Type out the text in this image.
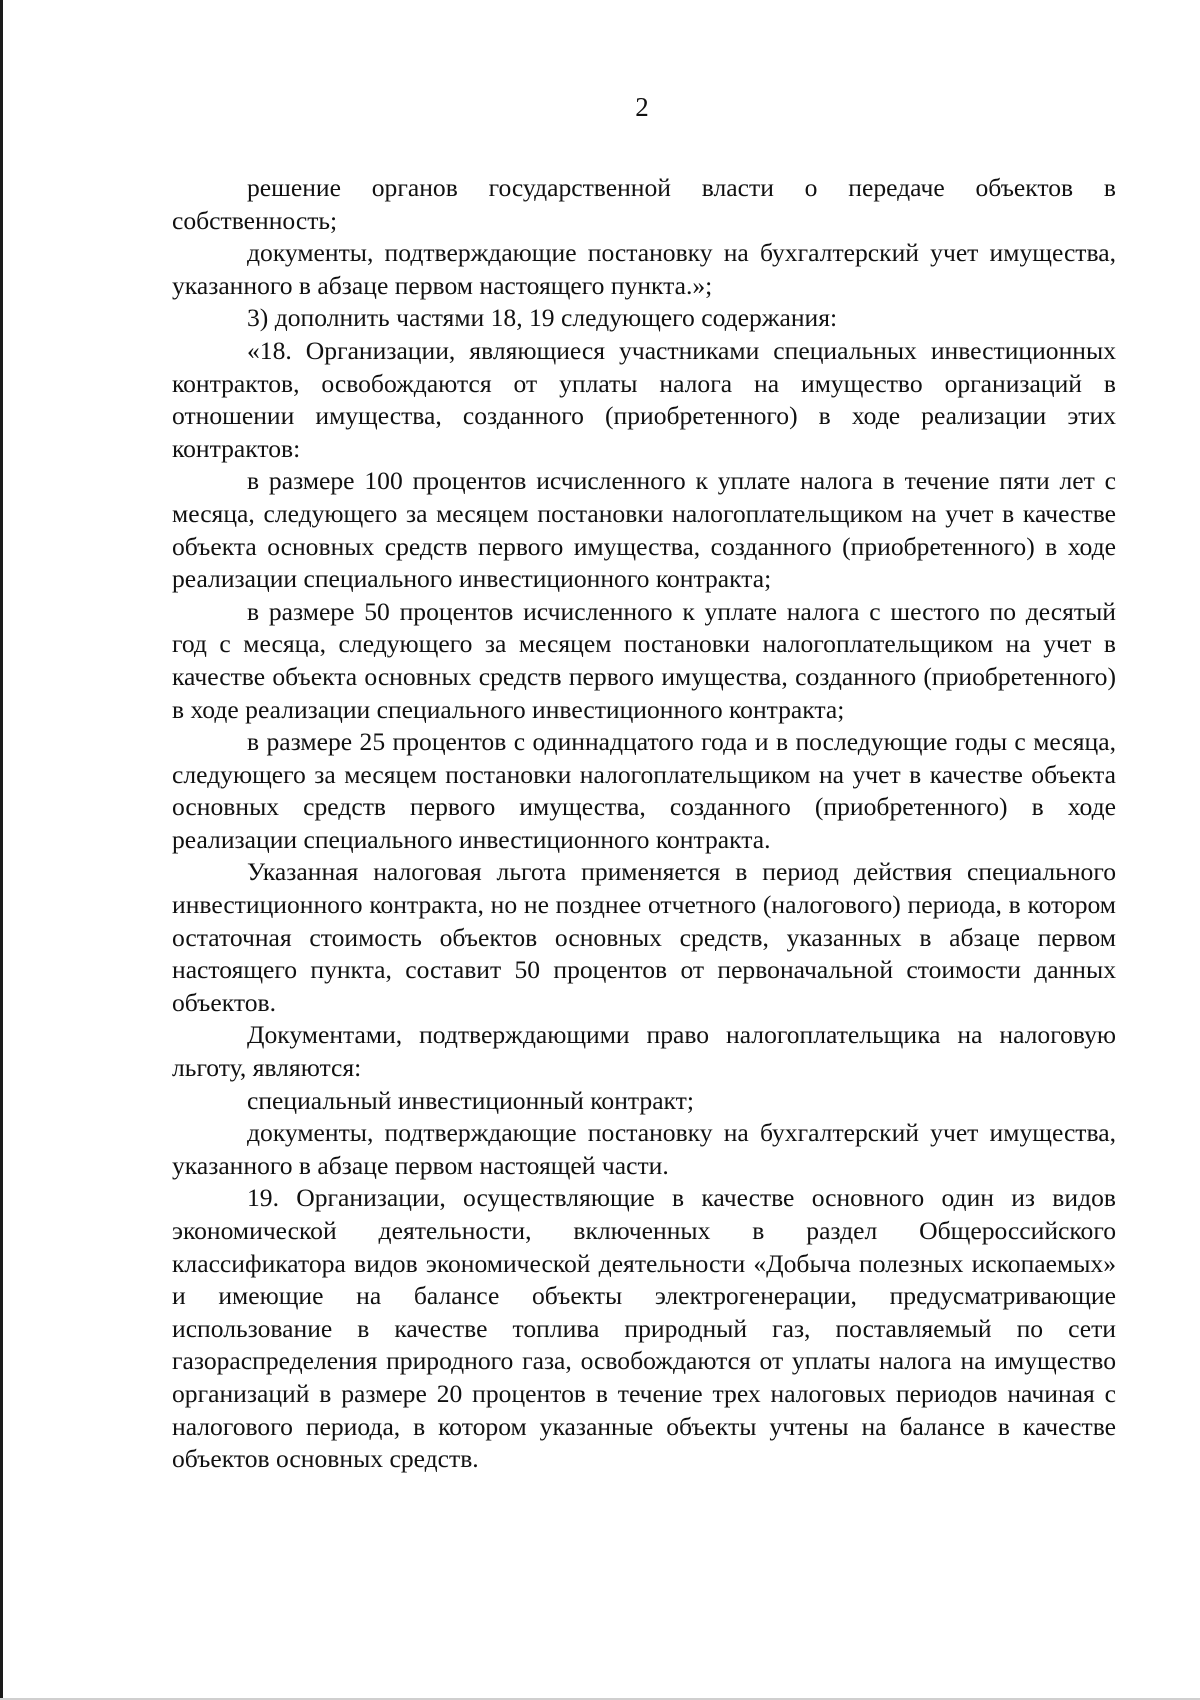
2

решение органов государственной власти о передаче объектов в собственность;

документы, подтверждающие постановку на бухгалтерский учет имущества, указанного в абзаце первом настоящего пункта.»;

3) дополнить частями 18, 19 следующего содержания:

«18. Организации, являющиеся участниками специальных инвестиционных контрактов, освобождаются от уплаты налога на имущество организаций в отношении имущества, созданного (приобретенного) в ходе реализации этих контрактов:

в размере 100 процентов исчисленного к уплате налога в течение пяти лет с месяца, следующего за месяцем постановки налогоплательщиком на учет в качестве объекта основных средств первого имущества, созданного (приобретенного) в ходе реализации специального инвестиционного контракта;

в размере 50 процентов исчисленного к уплате налога с шестого по десятый год с месяца, следующего за месяцем постановки налогоплательщиком на учет в качестве объекта основных средств первого имущества, созданного (приобретенного) в ходе реализации специального инвестиционного контракта;

в размере 25 процентов с одиннадцатого года и в последующие годы с месяца, следующего за месяцем постановки налогоплательщиком на учет в качестве объекта основных средств первого имущества, созданного (приобретенного) в ходе реализации специального инвестиционного контракта.

Указанная налоговая льгота применяется в период действия специального инвестиционного контракта, но не позднее отчетного (налогового) периода, в котором остаточная стоимость объектов основных средств, указанных в абзаце первом настоящего пункта, составит 50 процентов от первоначальной стоимости данных объектов.

Документами, подтверждающими право налогоплательщика на налоговую льготу, являются:

специальный инвестиционный контракт;

документы, подтверждающие постановку на бухгалтерский учет имущества, указанного в абзаце первом настоящей части.

19. Организации, осуществляющие в качестве основного один из видов экономической деятельности, включенных в раздел Общероссийского классификатора видов экономической деятельности «Добыча полезных ископаемых» и имеющие на балансе объекты электрогенерации, предусматривающие использование в качестве топлива природный газ, поставляемый по сети газораспределения природного газа, освобождаются от уплаты налога на имущество организаций в размере 20 процентов в течение трех налоговых периодов начиная с налогового периода, в котором указанные объекты учтены на балансе в качестве объектов основных средств.
